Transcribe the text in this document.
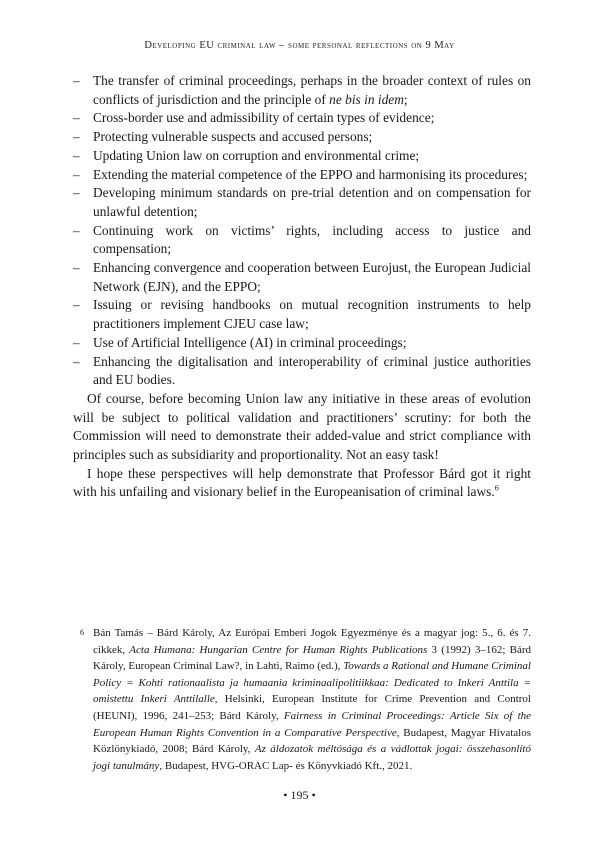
Developing EU criminal law – some personal reflections on 9 May
– The transfer of criminal proceedings, perhaps in the broader context of rules on conflicts of jurisdiction and the principle of ne bis in idem;
– Cross-border use and admissibility of certain types of evidence;
– Protecting vulnerable suspects and accused persons;
– Updating Union law on corruption and environmental crime;
– Extending the material competence of the EPPO and harmonising its procedures;
– Developing minimum standards on pre-trial detention and on compensation for unlawful detention;
– Continuing work on victims’ rights, including access to justice and compensation;
– Enhancing convergence and cooperation between Eurojust, the European Judicial Network (EJN), and the EPPO;
– Issuing or revising handbooks on mutual recognition instruments to help practitioners implement CJEU case law;
– Use of Artificial Intelligence (AI) in criminal proceedings;
– Enhancing the digitalisation and interoperability of criminal justice authorities and EU bodies.

Of course, before becoming Union law any initiative in these areas of evolution will be subject to political validation and practitioners’ scrutiny: for both the Commission will need to demonstrate their added-value and strict compliance with principles such as subsidiarity and proportionality. Not an easy task!

I hope these perspectives will help demonstrate that Professor Bárd got it right with his unfailing and visionary belief in the Europeanisation of criminal laws.$^6$

6 Bán Tamás – Bárd Károly, Az Európai Emberi Jogok Egyezménye és a magyar jog: 5., 6. és 7. cikkek, Acta Humana: Hungarian Centre for Human Rights Publications 3 (1992) 3–162; Bárd Károly, European Criminal Law?, in Lahti, Raimo (ed.), Towards a Rational and Humane Criminal Policy = Kohti rationaalista ja humaania kriminaalipolitiikkaa: Dedicated to Inkeri Anttila = omistettu Inkeri Anttilalle, Helsinki, European Institute for Crime Prevention and Control (HEUNI), 1996, 241–253; Bárd Károly, Fairness in Criminal Proceedings: Article Six of the European Human Rights Convention in a Comparative Perspective, Budapest, Magyar Hivatalos Közlönykiadó, 2008; Bárd Károly, Az áldozatok méltósága és a vádlottak jogai: összehasonlító jogi tanulmány, Budapest, HVG-ORAC Lap- és Könyvkiadó Kft., 2021.
• 195 •
